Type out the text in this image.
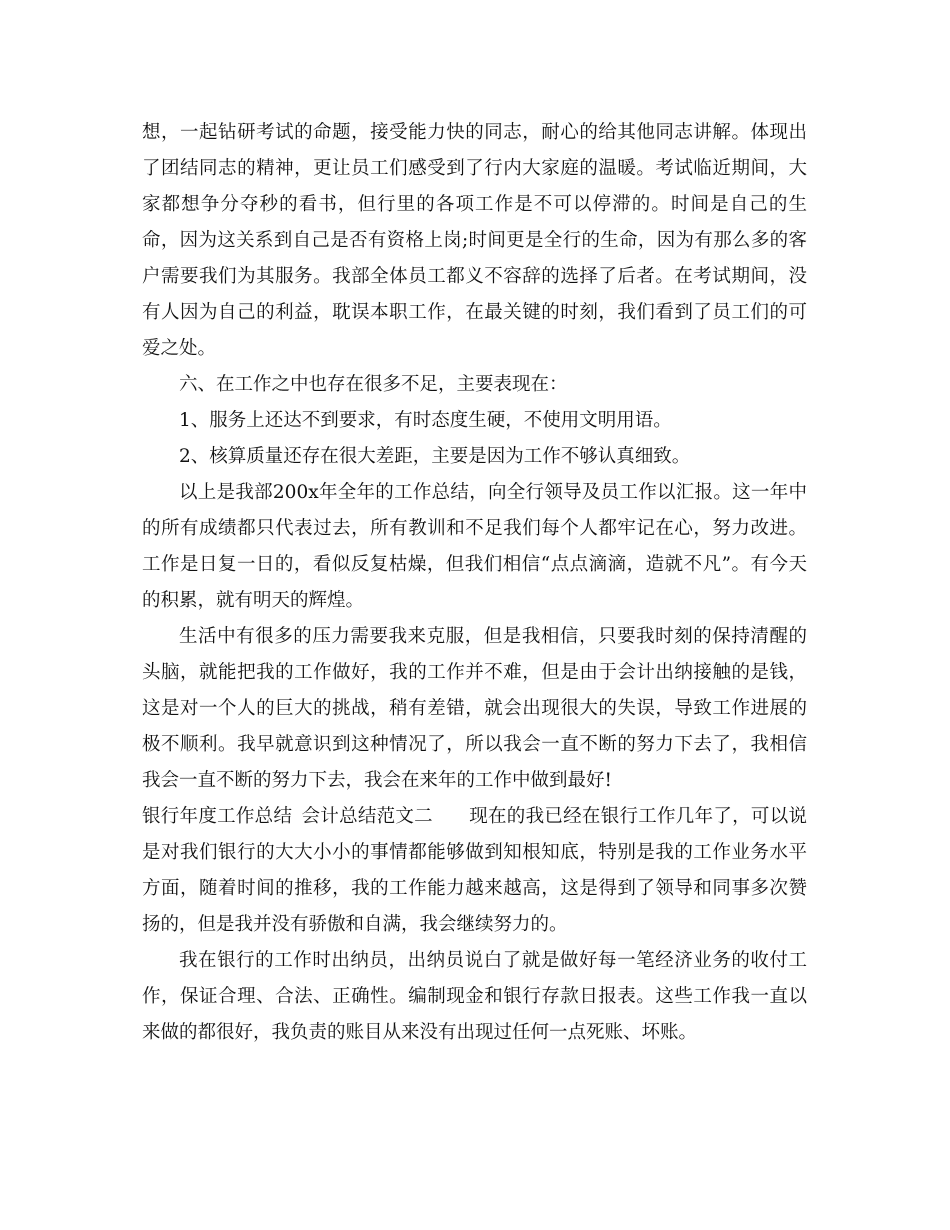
想，一起钻研考试的命题，接受能力快的同志，耐心的给其他同志讲解。体现出了团结同志的精神，更让员工们感受到了行内大家庭的温暖。考试临近期间，大家都想争分夺秒的看书，但行里的各项工作是不可以停滞的。时间是自己的生命，因为这关系到自己是否有资格上岗;时间更是全行的生命，因为有那么多的客户需要我们为其服务。我部全体员工都义不容辞的选择了后者。在考试期间，没有人因为自己的利益，耽误本职工作，在最关键的时刻，我们看到了员工们的可爱之处。

六、在工作之中也存在很多不足，主要表现在：

1、服务上还达不到要求，有时态度生硬，不使用文明用语。

2、核算质量还存在很大差距，主要是因为工作不够认真细致。

以上是我部200x年全年的工作总结，向全行领导及员工作以汇报。这一年中的所有成绩都只代表过去，所有教训和不足我们每个人都牢记在心，努力改进。工作是日复一日的，看似反复枯燥，但我们相信“点点滴滴，造就不凡”。有今天的积累，就有明天的辉煌。

生活中有很多的压力需要我来克服，但是我相信，只要我时刻的保持清醒的头脑，就能把我的工作做好，我的工作并不难，但是由于会计出纳接触的是钱，这是对一个人的巨大的挑战，稍有差错，就会出现很大的失误，导致工作进展的极不顺利。我早就意识到这种情况了，所以我会一直不断的努力下去了，我相信我会一直不断的努力下去，我会在来年的工作中做到最好!

银行年度工作总结 会计总结范文二 现在的我已经在银行工作几年了，可以说是对我们银行的大大小小的事情都能够做到知根知底，特别是我的工作业务水平方面，随着时间的推移，我的工作能力越来越高，这是得到了领导和同事多次赞扬的，但是我并没有骄傲和自满，我会继续努力的。

我在银行的工作时出纳员，出纳员说白了就是做好每一笔经济业务的收付工作，保证合理、合法、正确性。编制现金和银行存款日报表。这些工作我一直以来做的都很好，我负责的账目从来没有出现过任何一点死账、坏账。
